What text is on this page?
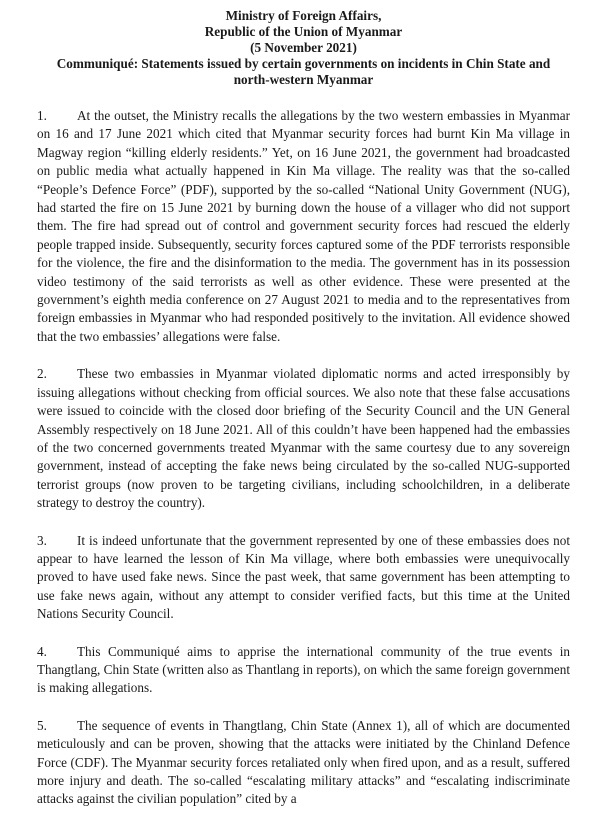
Ministry of Foreign Affairs,
Republic of the Union of Myanmar
(5 November 2021)
Communiqué: Statements issued by certain governments on incidents in Chin State and
north-western Myanmar

1. At the outset, the Ministry recalls the allegations by the two western embassies in Myanmar on 16 and 17 June 2021 which cited that Myanmar security forces had burnt Kin Ma village in Magway region “killing elderly residents.” Yet, on 16 June 2021, the government had broadcasted on public media what actually happened in Kin Ma village. The reality was that the so-called “People’s Defence Force” (PDF), supported by the so-called “National Unity Government (NUG), had started the fire on 15 June 2021 by burning down the house of a villager who did not support them. The fire had spread out of control and government security forces had rescued the elderly people trapped inside. Subsequently, security forces captured some of the PDF terrorists responsible for the violence, the fire and the disinformation to the media. The government has in its possession video testimony of the said terrorists as well as other evidence. These were presented at the government’s eighth media conference on 27 August 2021 to media and to the representatives from foreign embassies in Myanmar who had responded positively to the invitation. All evidence showed that the two embassies’ allegations were false.

2. These two embassies in Myanmar violated diplomatic norms and acted irresponsibly by issuing allegations without checking from official sources. We also note that these false accusations were issued to coincide with the closed door briefing of the Security Council and the UN General Assembly respectively on 18 June 2021. All of this couldn’t have been happened had the embassies of the two concerned governments treated Myanmar with the same courtesy due to any sovereign government, instead of accepting the fake news being circulated by the so-called NUG-supported terrorist groups (now proven to be targeting civilians, including schoolchildren, in a deliberate strategy to destroy the country).

3. It is indeed unfortunate that the government represented by one of these embassies does not appear to have learned the lesson of Kin Ma village, where both embassies were unequivocally proved to have used fake news. Since the past week, that same government has been attempting to use fake news again, without any attempt to consider verified facts, but this time at the United Nations Security Council.

4. This Communiqué aims to apprise the international community of the true events in Thangtlang, Chin State (written also as Thantlang in reports), on which the same foreign government is making allegations.

5. The sequence of events in Thangtlang, Chin State (Annex 1), all of which are documented meticulously and can be proven, showing that the attacks were initiated by the Chinland Defence Force (CDF). The Myanmar security forces retaliated only when fired upon, and as a result, suffered more injury and death. The so-called “escalating military attacks” and “escalating indiscriminate attacks against the civilian population” cited by a
